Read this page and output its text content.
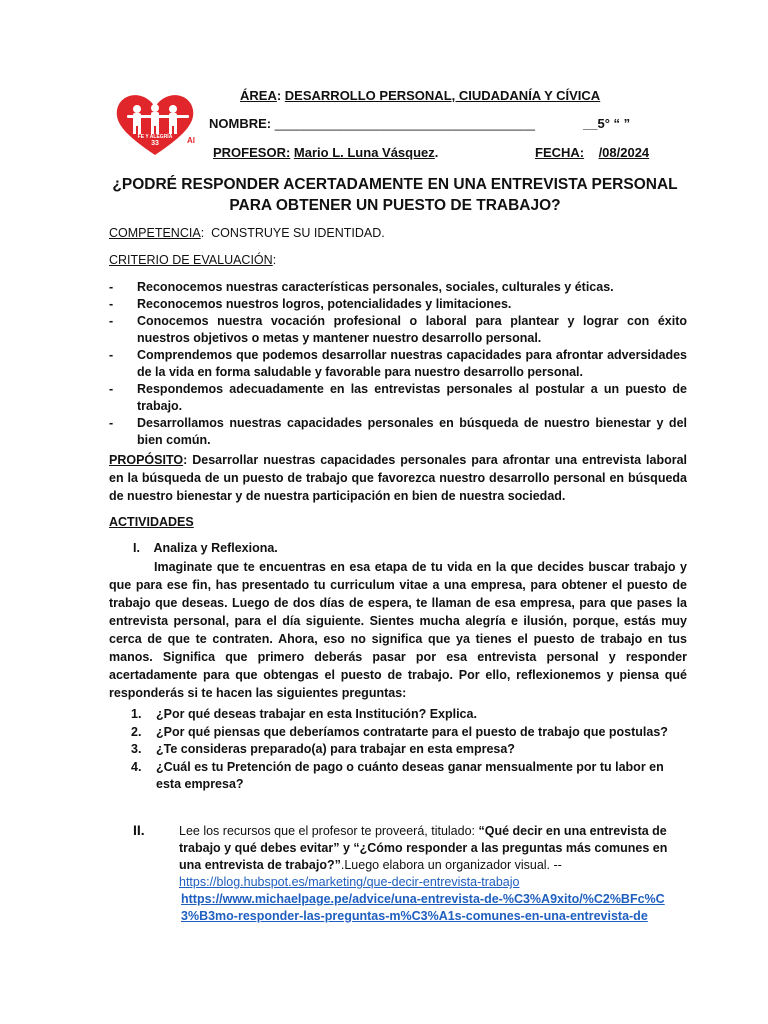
FE Y ALEGRÍA
33	Al
ÁREA: DESARROLLO PERSONAL, CIUDADANÍA Y CÍVICA
NOMBRE: ____________________________________	__5° “ ”
PROFESOR: Mario L. Luna Vásquez.	FECHA: /08/2024
¿PODRÉ RESPONDER ACERTADAMENTE EN UNA ENTREVISTA PERSONAL PARA OBTENER UN PUESTO DE TRABAJO?
COMPETENCIA:  CONSTRUYE SU IDENTIDAD.
CRITERIO DE EVALUACIÓN:
- Reconocemos nuestras características personales, sociales, culturales y éticas.
- Reconocemos nuestros logros, potencialidades y limitaciones.
- Conocemos nuestra vocación profesional o laboral para plantear y lograr con éxito nuestros objetivos o metas y mantener nuestro desarrollo personal.
- Comprendemos que podemos desarrollar nuestras capacidades para afrontar adversidades de la vida en forma saludable y favorable para nuestro desarrollo personal.
- Respondemos adecuadamente en las entrevistas personales al postular a un puesto de trabajo.
- Desarrollamos nuestras capacidades personales en búsqueda de nuestro bienestar y del bien común.
PROPÓSITO: Desarrollar nuestras capacidades personales para afrontar una entrevista laboral en la búsqueda de un puesto de trabajo que favorezca nuestro desarrollo personal en búsqueda de nuestro bienestar y de nuestra participación en bien de nuestra sociedad.
ACTIVIDADES
I. Analiza y Reflexiona.
Imaginate que te encuentras en esa etapa de tu vida en la que decides buscar trabajo y que para ese fin, has presentado tu curriculum vitae a una empresa, para obtener el puesto de trabajo que deseas. Luego de dos días de espera, te llaman de esa empresa, para que pases la entrevista personal, para el día siguiente. Sientes mucha alegría e ilusión, porque, estás muy cerca de que te contraten. Ahora, eso no significa que ya tienes el puesto de trabajo en tus manos. Significa que primero deberás pasar por esa entrevista personal y responder acertadamente para que obtengas el puesto de trabajo. Por ello, reflexionemos y piensa qué responderás si te hacen las siguientes preguntas:
1. ¿Por qué deseas trabajar en esta Institución? Explica.
2. ¿Por qué piensas que deberíamos contratarte para el puesto de trabajo que postulas?
3. ¿Te consideras preparado(a) para trabajar en esta empresa?
4. ¿Cuál es tu Pretención de pago o cuánto deseas ganar mensualmente por tu labor en esta empresa?
II.	Lee los recursos que el profesor te proveerá, titulado: “Qué decir en una entrevista de trabajo y qué debes evitar” y “¿Cómo responder a las preguntas más comunes en una entrevista de trabajo?”.Luego elabora un organizador visual. --
https://blog.hubspot.es/marketing/que-decir-entrevista-trabajo
https://www.michaelpage.pe/advice/una-entrevista-de-%C3%A9xito/%C2%BFc%C3%B3mo-responder-las-preguntas-m%C3%A1s-comunes-en-una-entrevista-de
